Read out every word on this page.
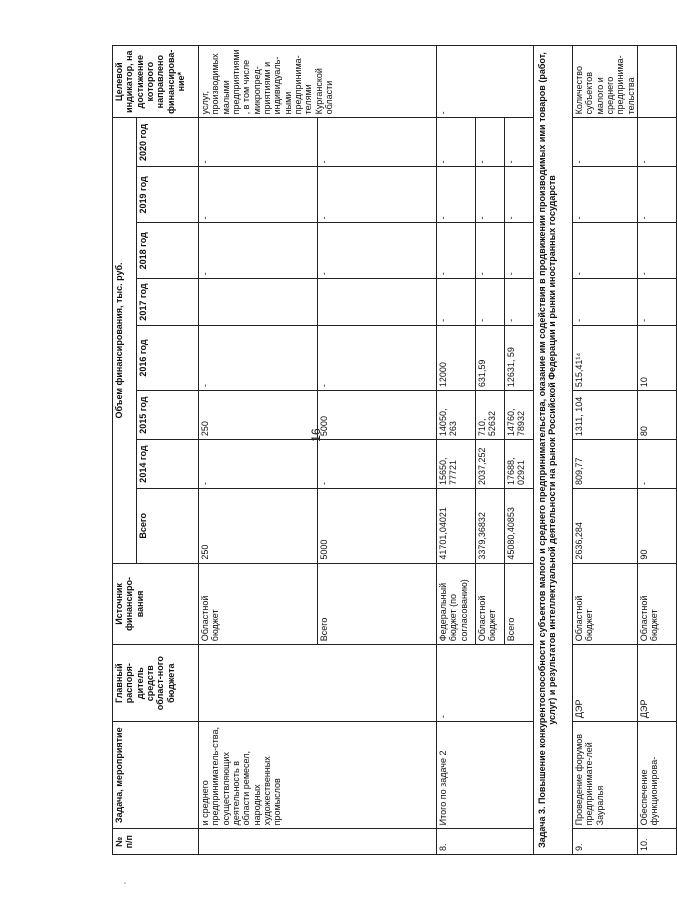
16
№ п/п	Задача, мероприятие	Главный распоря-дитель средств област-ного бюджета	Источник финансиро-вания	Объем финансирования, тыс. руб.								Целевой индикатор, на достижение которого направлено финансирова-ние*
				Всего	2014 год	2015 год	2016 год	2017 год	2018 год	2019 год	2020 год	
	и среднего предприниматель-ства, осуществляющих деятельность в области ремесел, народных художественных промыслов		Областной бюджет	250	-	250	-		-	-	-	услуг, производимых малыми предприятиями, в том числе микропред-приятиями и индивидуаль-ными предпринима-телями Курганской области
			Всего	5000	-	5000	-		-	-	-	
8.	Итого по задаче 2	-	Федеральный бюджет (по согласованию)	41701,04021	15650, 77721	14050, 263	12000	-	-	-	-	-
			Областной бюджет	3379,36832	2037,252	710, 52632	631,59	-	-	-	-	
			Всего	45080,40853	17688, 02921	14760, 78932	12631, 59	-	-	-	-	
Задача 3. Повышение конкурентоспособности субъектов малого и среднего предпринимательства, оказание им содействия в продвижении производимых ими товаров (работ, услуг) и результатов интеллектуальной деятельности на рынок Российской Федерации и рынки иностранных государств												
9.	Проведение форумов предпринимате-лей Зауралья	ДЭР	Областной бюджет	2636,284	809,77	1311, 104	515,41¹⁴	-	-	-	-	Количество субъектов малого и среднего предпринима-тельства
10.	Обеспечение функционирова-	ДЭР	Областной бюджет	90	-	80	10	-	-	-	-	
